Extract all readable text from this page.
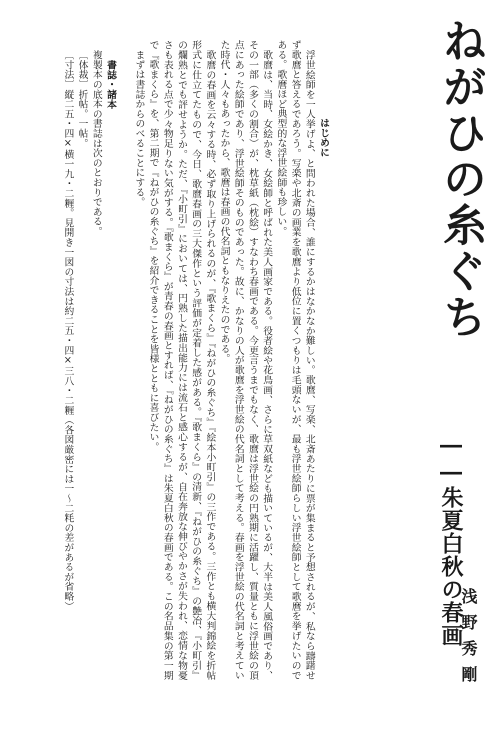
ねがひの糸ぐち
――朱夏白秋の春画
浅野秀剛

はじめに

浮世絵師を一人挙げよ、と問われた場合、誰にするかはなかなか難しい。歌麿、写楽、北斎あたりに票が集まると予想されるが、私なら躊躇せず歌麿と答えるであろう。写楽や北斎の画業を歌麿より低位に置くつもりは毛頭ないが、最も浮世絵師らしい浮世絵師として歌麿を挙げたいのである。歌麿ほど典型的な浮世絵師も珍しい。

歌麿は、当時、女絵かき、女絵師と呼ばれた美人画家である。役者絵や花鳥画、さらに草双紙なども描いているが、大半は美人風俗画であり、その一部（多くの割合）が、枕草紙（枕絵）すなわち春画である。今更言うまでもなく、歌麿は浮世絵の円熟期に活躍し、質量ともに浮世絵の頂点にあった絵師であり、浮世絵師そのものであった。故に、かなりの人が歌麿を浮世絵の代名詞として考える。春画を浮世絵の代名詞と考えていた時代・人々もあったから、歌麿は春画の代名詞ともなりえたのである。

歌麿の春画を云々する時、必ず取り上げられるのが、『歌まくら』『ねがひの糸ぐち』『絵本小町引』の三作である。三作とも横大判錦絵を折帖形式に仕立てたもので、今日、歌麿春画の三大傑作という評価が定着した感がある。『歌まくら』の清新、『ねがひの糸ぐち』の艶冶、『小町引』の爛熟とでも評せようか。ただ、『小町引』においては、円熟した描出能力には流石と感心するが、自在奔放な伸びやかさが失われ、恋情な物憂さも表れる点で少々物足りない気がする。『歌まくら』が青春の春画とすれば、『ねがひの糸ぐち』は朱夏白秋の春画である。この名品集の第一期で『歌まくら』を、第二期で『ねがひの糸ぐち』を紹介できることを皆様とともに喜びたい。

まずは書誌からのべることにする。

書誌・諸本

複製本の底本の書誌は次のとおりである。

〔体裁〕折帖。一帖。

〔寸法〕縦二五・四×横一九・二糎。見開き一図の寸法は約二五・四×三八・二糎（各図厳密には一～二粍の差があるが省略）
